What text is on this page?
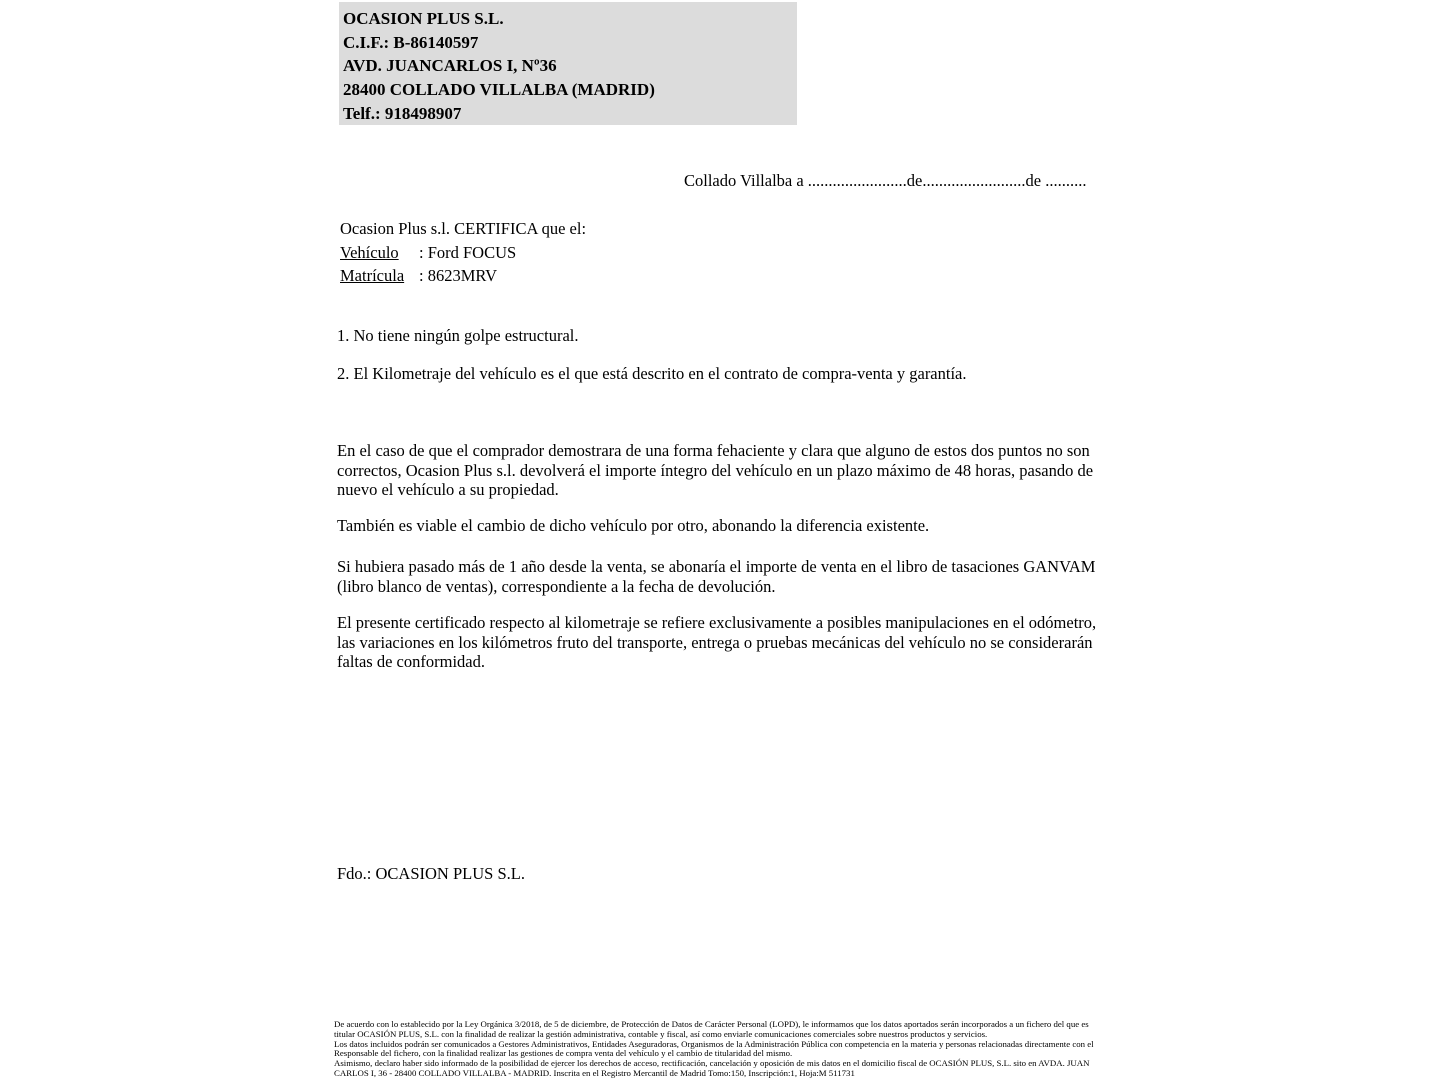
OCASION PLUS S.L.
C.I.F.: B-86140597
AVD. JUANCARLOS I, Nº36
28400 COLLADO VILLALBA (MADRID)
Telf.: 918498907
Collado Villalba a ........................de.........................de ..........
Ocasion Plus s.l. CERTIFICA que el:
Vehículo : Ford FOCUS
Matrícula : 8623MRV
1. No tiene ningún golpe estructural.
2. El Kilometraje del vehículo es el que está descrito en el contrato de compra-venta y garantía.
En el caso de que el comprador demostrara de una forma fehaciente y clara que alguno de estos dos puntos no son correctos, Ocasion Plus s.l. devolverá el importe íntegro del vehículo en un plazo máximo de 48 horas, pasando de nuevo el vehículo a su propiedad.
También es viable el cambio de dicho vehículo por otro, abonando la diferencia existente.
Si hubiera pasado más de 1 año desde la venta, se abonaría el importe de venta en el libro de tasaciones GANVAM (libro blanco de ventas), correspondiente a la fecha de devolución.
El presente certificado respecto al kilometraje se refiere exclusivamente a posibles manipulaciones en el odómetro, las variaciones en los kilómetros fruto del transporte, entrega o pruebas mecánicas del vehículo no se considerarán faltas de conformidad.
Fdo.: OCASION PLUS S.L.
De acuerdo con lo establecido por la Ley Orgánica 3/2018, de 5 de diciembre, de Protección de Datos de Carácter Personal (LOPD), le informamos que los datos aportados serán incorporados a un fichero del que es titular OCASIÓN PLUS, S.L. con la finalidad de realizar la gestión administrativa, contable y fiscal, así como enviarle comunicaciones comerciales sobre nuestros productos y servicios.
Los datos incluidos podrán ser comunicados a Gestores Administrativos, Entidades Aseguradoras, Organismos de la Administración Pública con competencia en la materia y personas relacionadas directamente con el Responsable del fichero, con la finalidad realizar las gestiones de compra venta del vehículo y el cambio de titularidad del mismo.
Asimismo, declaro haber sido informado de la posibilidad de ejercer los derechos de acceso, rectificación, cancelación y oposición de mis datos en el domicilio fiscal de OCASIÓN PLUS, S.L. sito en AVDA. JUAN CARLOS I, 36 - 28400 COLLADO VILLALBA - MADRID. Inscrita en el Registro Mercantil de Madrid Tomo:150, Inscripción:1, Hoja:M 511731
